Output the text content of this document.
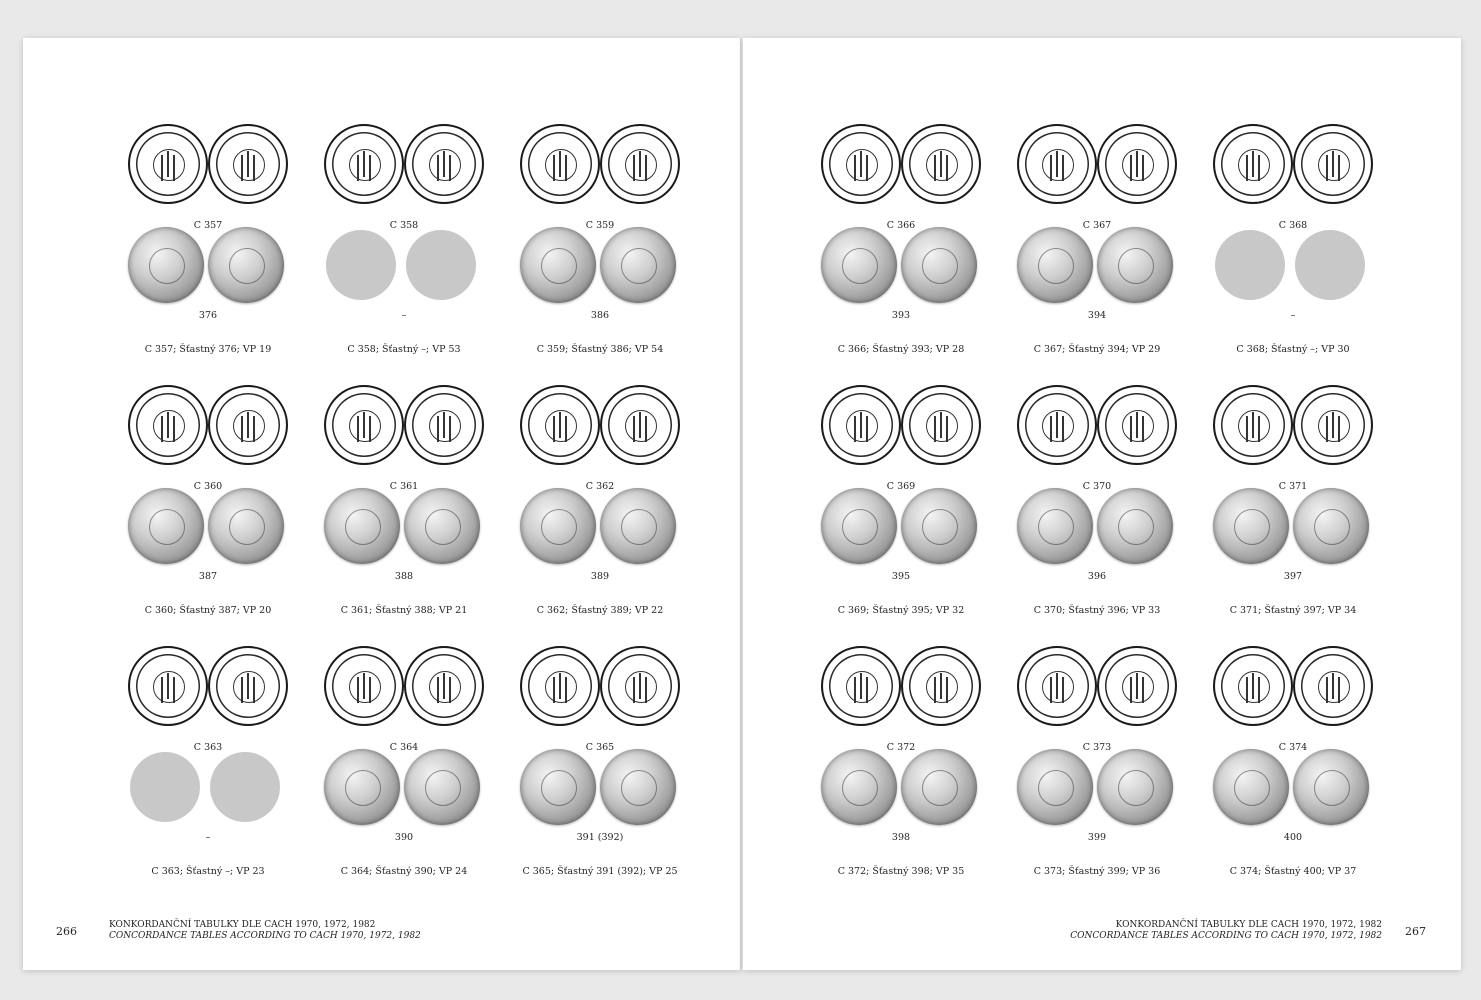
C 357
376
C 357; Šťastný 376; VP 19
C 358
–
C 358; Šťastný –; VP 53
C 359
386
C 359; Šťastný 386; VP 54
C 360
387
C 360; Šťastný 387; VP 20
C 361
388
C 361; Šťastný 388; VP 21
C 362
389
C 362; Šťastný 389; VP 22
C 363
–
C 363; Šťastný –; VP 23
C 364
390
C 364; Šťastný 390; VP 24
C 365
391 (392)
C 365; Šťastný 391 (392); VP 25
266	KONKORDANČNÍ TABULKY DLE CACH 1970, 1972, 1982
CONCORDANCE TABLES ACCORDING TO CACH 1970, 1972, 1982
C 366
393
C 366; Šťastný 393; VP 28
C 367
394
C 367; Šťastný 394; VP 29
C 368
–
C 368; Šťastný –; VP 30
C 369
395
C 369; Šťastný 395; VP 32
C 370
396
C 370; Šťastný 396; VP 33
C 371
397
C 371; Šťastný 397; VP 34
C 372
398
C 372; Šťastný 398; VP 35
C 373
399
C 373; Šťastný 399; VP 36
C 374
400
C 374; Šťastný 400; VP 37
KONKORDANČNÍ TABULKY DLE CACH 1970, 1972, 1982
CONCORDANCE TABLES ACCORDING TO CACH 1970, 1972, 1982 267
